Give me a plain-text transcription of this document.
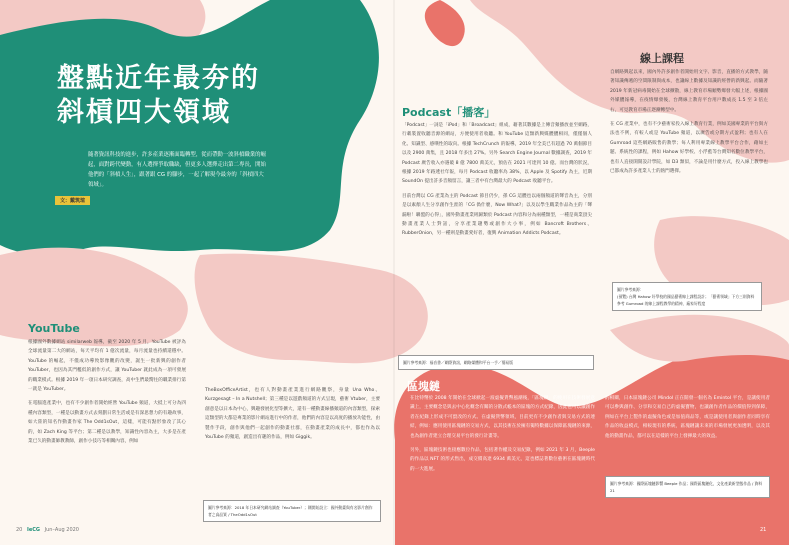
盤點近年最夯的
斜槓四大領域
隨著資訊科技的進步，許多產業逐漸面臨轉型，從而帶動一波斜槓職業的崛起，面對跨代變動，有人選擇爭取職缺，但更多人選擇走出第二專長，開始他們的「斜槓人生」，跟著跟 CG 的腳步，一起了解現今最夯的「斜槓四大領域」。
文：戴筑瑄
Podcast「播客」

「Podcast」一詞是「iPod」和「Broadcast」組成，藉著其數據是上傳音頻播放並至網路，行載裝置收聽音源的網站，方便使用者收聽。和 YouTube 這類新興媒體體相同，僅僅個人化、知識型、感嘆性的取向。根據 TechCrunch 的報導，2019 年全美已有超過 70 萬個節目以及 2900 萬集，且 2018 年多出 27%。另外 Search Engine Journal 數據調查，2019 年 Podcast 廣告收入亦遇破 8 億 7800 萬美元，預估在 2021 可達到 10 億。而台灣的狀況，根據 2019 年路透社年報，每月 Podcast 收聽率為 38%，以 Apple 及 Spotify 為主，近期 SoundOn 提出許多音頻留言，讓三者中有台灣最大的 Podcast 收聽平台。

目前台灣以 CG 產業為主的 Podcast 節目仍少，孫 CG 這體也以兩個頻道的聲音為主，分別是以素顏人生分享創作生涯的「CG 偽什麼，Now What?」以及以學生職業作品為主的「聲漏啦！聯盟的心得」，國外動畫產業則歸類於 Podcast 內容和分為兩種類型，一種是商業頂尖動畫產業人士對話，分享產業趨勢或創作大小事，例如 Bancroft Brothers、RubberOnion，另一種則是動畫愛好者，復興 Animation Addicts Podcast。

圖片參考來源：福音書／網際資訊，網路媒體和平台一手／簡易版
線上課程

自網路興起以來，國內外許多創作者開始用文字、影音，直播的方式教學，隨著知識傳遞的空間限制與成本，也讓線上數據及知識的經營的新興起。而隨著 2019 年新冠病毒開始在全球擴散，線上教育市場順勢爆發大幅上述，根據國外媒體報導，在疫情爆發後，台灣線上教育平台用戶數成長 1.5 至 3 倍左右，可見教育市場正逐漸轉型中。

在 CG 產業中，也有不少藝術家投入線上教育行業，例如美國專業的平台與方法也不例，有較人或是 YouTube 頻道，以廣告或分期方式盈利；也有人在 Gumroad 這些網路販售的教學；每人利用專業線上教學平台合作，藉如主題、系統性的課程，例如 Hahow 好學校、小浮藍等台灣知名數位教學平台，也有人直接開開設計學院，如 D3 類似，不論是用什麼方式，投入線上教學也已都成為許多產業人士的熱門選擇。

圖片參考來源：
(預覽) 台灣 Hahow 好學校的國品藝術線上課程設計；「藝術領域」下方三則資料參考 Gumroad 的線上課程教學的精神，廠家好程度
YouTube

根據國外數據網站 similarweb 報導，截至 2020 年 5 月，YouTube 被評為全球流量第二大的網站，每天平均有 1 億次流量，每月流量也持續還穩中。YouTube 的崛起，不僅成功導致影像觀的改變，誕生一批新興的創作者 YouTuber，也因為其門檻低的創作方式，讓 YouTuber 就此成為一項可發展的職業模式。根據 2019 年一項日本研究調查，高中生們最嚮往的職業排行第一就是 YouTuber。

在電腦進產業中，也有不少創作者開始經營 YouTube 頻道，大抵上可分為四種內容類型，一種是以動畫方式去刻劃日常生活或是有深思想力的有趣故事，如大陸的知名作動畫作家 The Odd1sOut，這樣，可能有點形象改了其心的，如 Zach King 等平台；第二種是以教學，知識性內容為主，大多是在產業已久的動畫師教教師，創作小技巧等相關內容，例如

TheBoxOfficeArtist，也有人對動畫產業進行網路觀察，身量 Una Who、Kurzgesagt – In a Nutshell；第三種是以遊戲頻道的方式呈現，藝術 Vtuber，主要創意是以日本為中心，興趣發展化型等擴大，還有一種動畫線播頻道的內容類型，探索這類型的大都是專業的影片網站進行中的作者，他們的內容是以高度的播放功能性，由製作手段，創作與他們一起創作的動畫社群，在動畫產業的成長中，都也作為以 YouTube 的頻道，創造出有趣的作品，例如 Giggik。

圖片參考來源：2018 年日本研究網站調查（YouTuber）；剛開始設立：國外動畫與有名影片創作者之高品質 / TheOdd1sOut
區塊鏈

在比特幣於 2008 年開始在全球掀起一波虛擬貨幣風潮後，「區塊鏈」的使用在技術發展意識上，主要概念是與去中心化概念有關的分散式帳本的區塊的方式紀錄，因此也可以讓創作者在紀錄上形成不可竄改的方式。在虛擬貨幣領域，目前更有不少創作者與交易方式的連結，例如：應用使用區塊鏈的交易方式，以其技術在於擁有獨特數據以保障區塊鏈的來源，也為創作者建立合理交易平台的發行計畫等。

另外，區塊鏈技術也接應數位作品，包括著作權及交易紀錄，例如 2021 年 3 月，Beeple 的作品以 NFT 的形式售出，成交價高達 6934 萬美元，這也標誌著數位藝術在區塊鏈時代的一大進展。

的相關，日本區塊鏈公司 Mindol 正在開發一個名為 Emintol 平台，是讓使用者可以參與創作、分享和交易自己的虛擬寶物，也讓創作者作品的價值得到保障，例如在平台上製作的虛擬角色或是加值商品等，或是讓使用者與創作者同時享有作品的收益模式，相較現有的系統，區塊鏈讓未來的市場發展更加透明，以及其他的動畫作品，都可以在這樣的平台上發揮最大的效益。

圖片參考來源：國際區塊鏈影響 Beeple 作品；國際區塊鏈化，文化產業新型態作品 / 資料 21
20 IeCG Jun–Aug 2020	21
